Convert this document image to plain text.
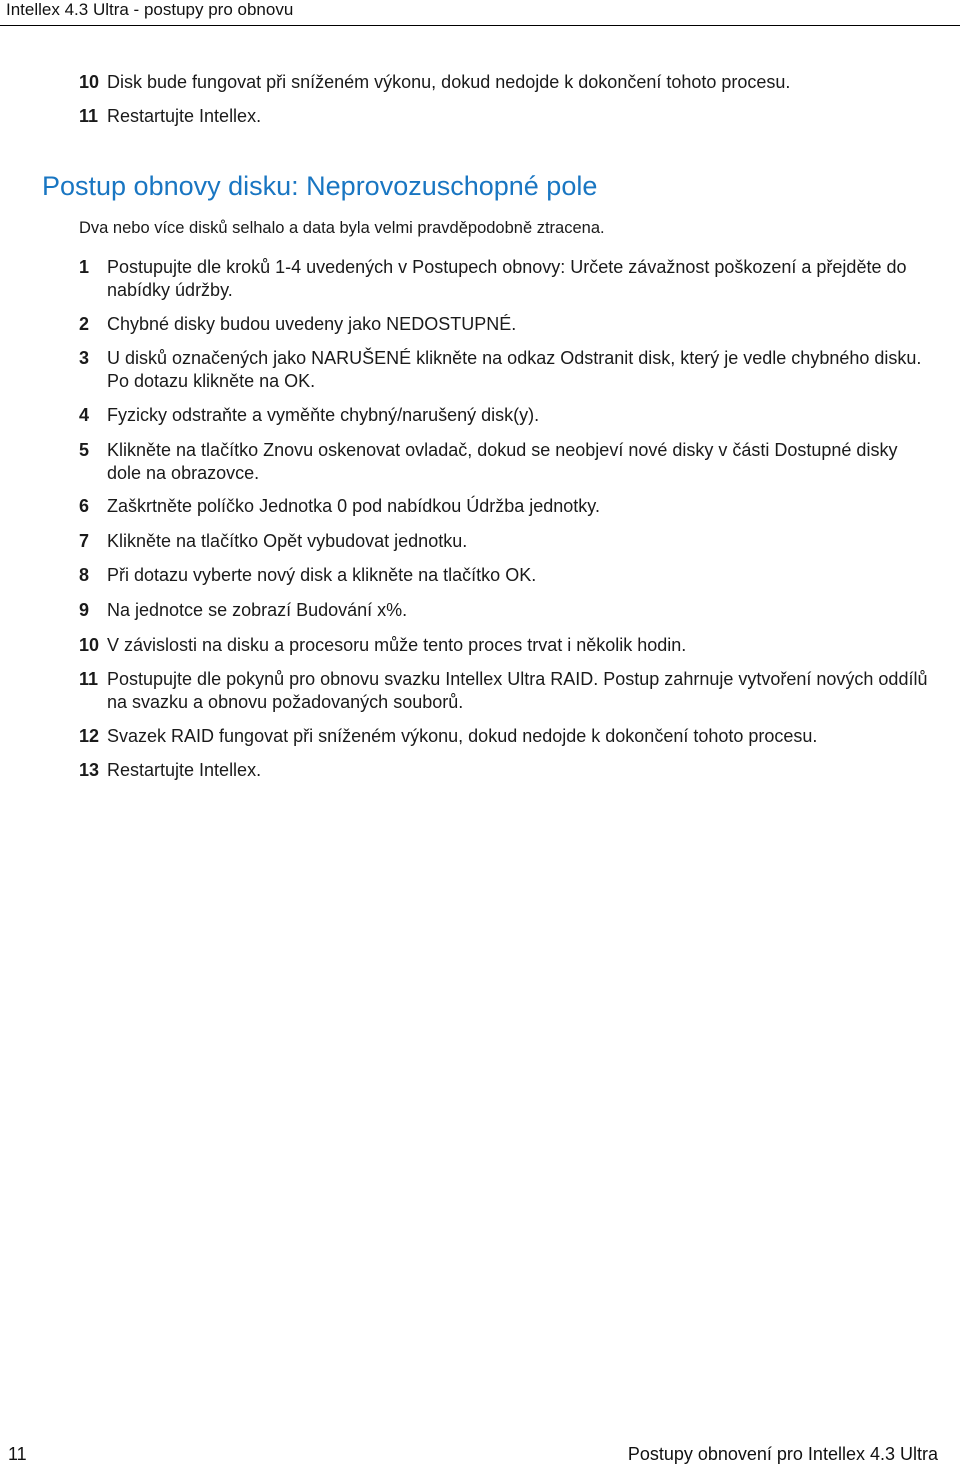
Intellex 4.3 Ultra - postupy pro obnovu
10 Disk bude fungovat při sníženém výkonu, dokud nedojde k dokončení tohoto procesu.
11 Restartujte Intellex.
Postup obnovy disku: Neprovozuschopné pole
Dva nebo více disků selhalo a data byla velmi pravděpodobně ztracena.
1 Postupujte dle kroků 1-4 uvedených v Postupech obnovy: Určete závažnost poškození a přejděte do nabídky údržby.
2 Chybné disky budou uvedeny jako NEDOSTUPNÉ.
3 U disků označených jako NARUŠENÉ klikněte na odkaz Odstranit disk, který je vedle chybného disku. Po dotazu klikněte na OK.
4 Fyzicky odstraňte a vyměňte chybný/narušený disk(y).
5 Klikněte na tlačítko Znovu oskenovat ovladač, dokud se neobjeví nové disky v části Dostupné disky dole na obrazovce.
6 Zaškrtněte políčko Jednotka 0 pod nabídkou Údržba jednotky.
7 Klikněte na tlačítko Opět vybudovat jednotku.
8 Při dotazu vyberte nový disk a klikněte na tlačítko OK.
9 Na jednotce se zobrazí Budování x%.
10 V závislosti na disku a procesoru může tento proces trvat i několik hodin.
11 Postupujte dle pokynů pro obnovu svazku Intellex Ultra RAID. Postup zahrnuje vytvoření nových oddílů na svazku a obnovu požadovaných souborů.
12 Svazek RAID fungovat při sníženém výkonu, dokud nedojde k dokončení tohoto procesu.
13 Restartujte Intellex.
11	Postupy obnovení pro Intellex 4.3 Ultra
